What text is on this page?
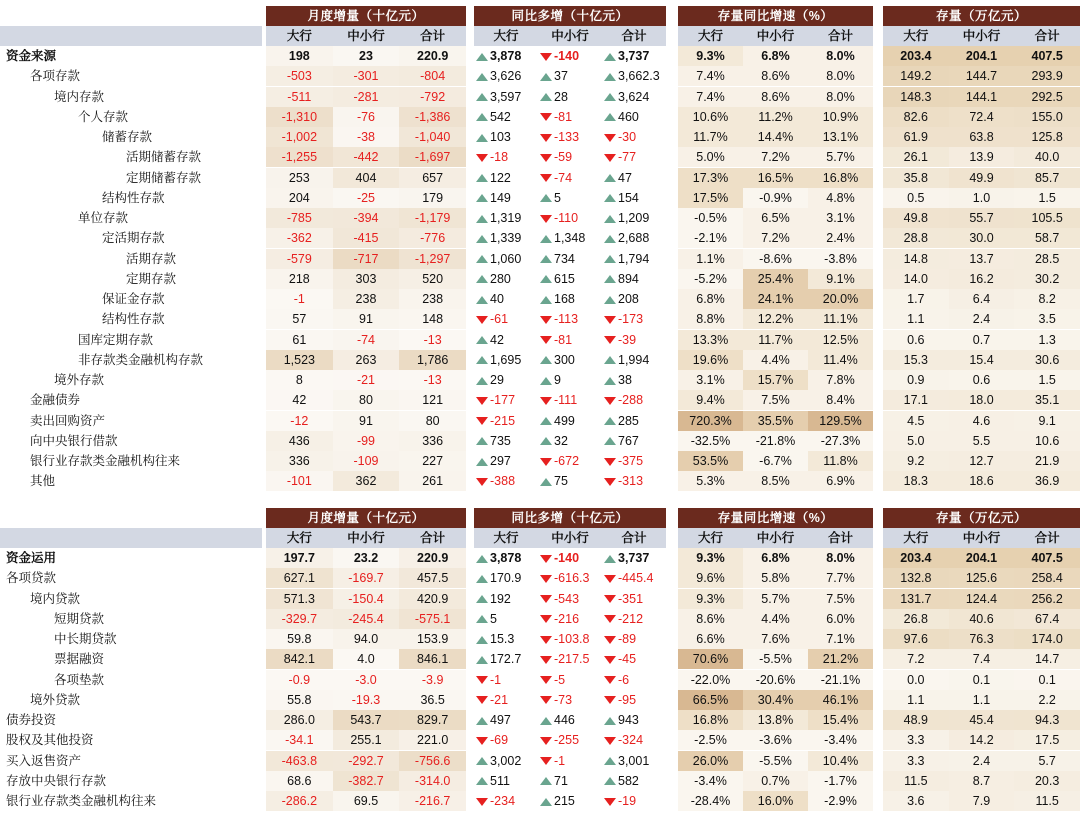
月度增量（十亿元）
大行	中小行	合计
同比多增（十亿元）
大行	中小行	合计
存量同比增速（%）
大行	中小行	合计
存量（万亿元）
大行	中小行	合计
资金来源	198	23	220.9	3,878	-140	3,737	9.3%	6.8%	8.0%	203.4	204.1	407.5
各项存款	-503	-301	-804	3,626	37	3,662.3	7.4%	8.6%	8.0%	149.2	144.7	293.9
境内存款	-511	-281	-792	3,597	28	3,624	7.4%	8.6%	8.0%	148.3	144.1	292.5
个人存款	-1,310	-76	-1,386	542	-81	460	10.6%	11.2%	10.9%	82.6	72.4	155.0
储蓄存款	-1,002	-38	-1,040	103	-133	-30	11.7%	14.4%	13.1%	61.9	63.8	125.8
活期储蓄存款	-1,255	-442	-1,697	-18	-59	-77	5.0%	7.2%	5.7%	26.1	13.9	40.0
定期储蓄存款	253	404	657	122	-74	47	17.3%	16.5%	16.8%	35.8	49.9	85.7
结构性存款	204	-25	179	149	5	154	17.5%	-0.9%	4.8%	0.5	1.0	1.5
单位存款	-785	-394	-1,179	1,319	-110	1,209	-0.5%	6.5%	3.1%	49.8	55.7	105.5
定活期存款	-362	-415	-776	1,339	1,348	2,688	-2.1%	7.2%	2.4%	28.8	30.0	58.7
活期存款	-579	-717	-1,297	1,060	734	1,794	1.1%	-8.6%	-3.8%	14.8	13.7	28.5
定期存款	218	303	520	280	615	894	-5.2%	25.4%	9.1%	14.0	16.2	30.2
保证金存款	-1	238	238	40	168	208	6.8%	24.1%	20.0%	1.7	6.4	8.2
结构性存款	57	91	148	-61	-113	-173	8.8%	12.2%	11.1%	1.1	2.4	3.5
国库定期存款	61	-74	-13	42	-81	-39	13.3%	11.7%	12.5%	0.6	0.7	1.3
非存款类金融机构存款	1,523	263	1,786	1,695	300	1,994	19.6%	4.4%	11.4%	15.3	15.4	30.6
境外存款	8	-21	-13	29	9	38	3.1%	15.7%	7.8%	0.9	0.6	1.5
金融债券	42	80	121	-177	-111	-288	9.4%	7.5%	8.4%	17.1	18.0	35.1
卖出回购资产	-12	91	80	-215	499	285	720.3%	35.5%	129.5%	4.5	4.6	9.1
向中央银行借款	436	-99	336	735	32	767	-32.5%	-21.8%	-27.3%	5.0	5.5	10.6
银行业存款类金融机构往来	336	-109	227	297	-672	-375	53.5%	-6.7%	11.8%	9.2	12.7	21.9
其他	-101	362	261	-388	75	-313	5.3%	8.5%	6.9%	18.3	18.6	36.9
月度增量（十亿元）
大行	中小行	合计
同比多增（十亿元）
大行	中小行	合计
存量同比增速（%）
大行	中小行	合计
存量（万亿元）
大行	中小行	合计
资金运用	197.7	23.2	220.9	3,878	-140	3,737	9.3%	6.8%	8.0%	203.4	204.1	407.5
各项贷款	627.1	-169.7	457.5	170.9	-616.3	-445.4	9.6%	5.8%	7.7%	132.8	125.6	258.4
境内贷款	571.3	-150.4	420.9	192	-543	-351	9.3%	5.7%	7.5%	131.7	124.4	256.2
短期贷款	-329.7	-245.4	-575.1	5	-216	-212	8.6%	4.4%	6.0%	26.8	40.6	67.4
中长期贷款	59.8	94.0	153.9	15.3	-103.8	-89	6.6%	7.6%	7.1%	97.6	76.3	174.0
票据融资	842.1	4.0	846.1	172.7	-217.5	-45	70.6%	-5.5%	21.2%	7.2	7.4	14.7
各项垫款	-0.9	-3.0	-3.9	-1	-5	-6	-22.0%	-20.6%	-21.1%	0.0	0.1	0.1
境外贷款	55.8	-19.3	36.5	-21	-73	-95	66.5%	30.4%	46.1%	1.1	1.1	2.2
债券投资	286.0	543.7	829.7	497	446	943	16.8%	13.8%	15.4%	48.9	45.4	94.3
股权及其他投资	-34.1	255.1	221.0	-69	-255	-324	-2.5%	-3.6%	-3.4%	3.3	14.2	17.5
买入返售资产	-463.8	-292.7	-756.6	3,002	-1	3,001	26.0%	-5.5%	10.4%	3.3	2.4	5.7
存放中央银行存款	68.6	-382.7	-314.0	511	71	582	-3.4%	0.7%	-1.7%	11.5	8.7	20.3
银行业存款类金融机构往来	-286.2	69.5	-216.7	-234	215	-19	-28.4%	16.0%	-2.9%	3.6	7.9	11.5
